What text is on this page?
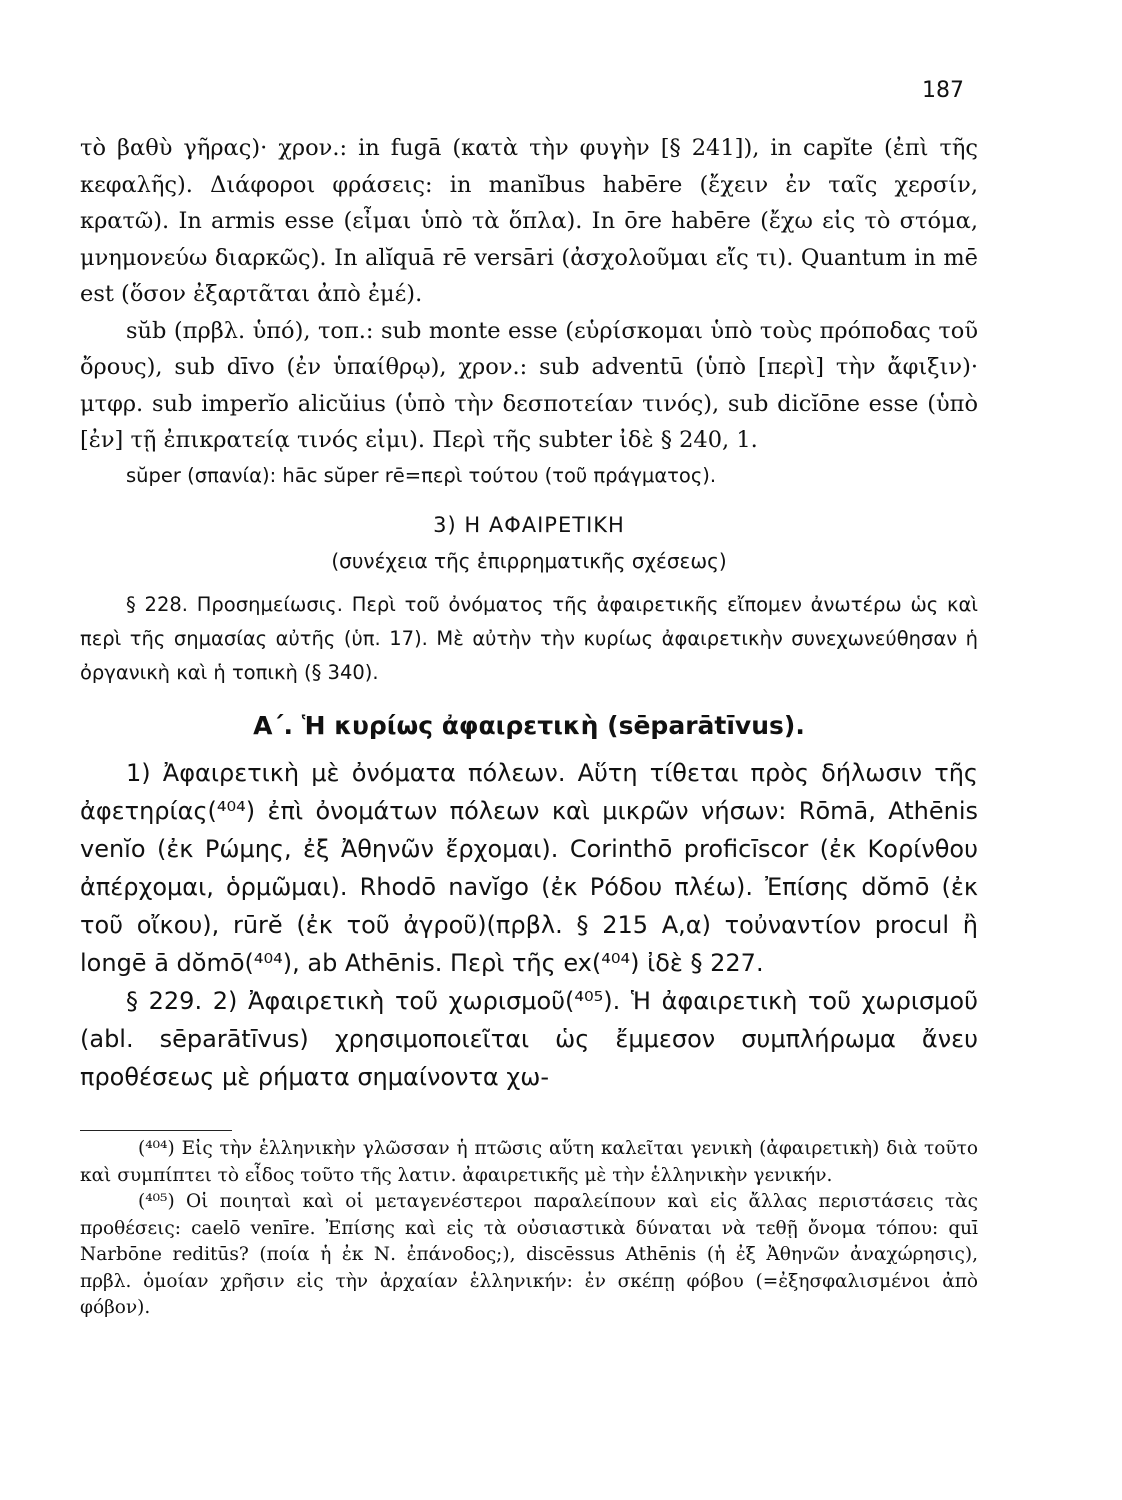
187

τὸ βαθὺ γῆρας)· χρον.: in fugā (κατὰ τὴν φυγὴν [§ 241]), in capĭte (ἐπὶ τῆς κεφαλῆς). Διάφοροι φράσεις: in manĭbus habēre (ἔχειν ἐν ταῖς χερσίν, κρατῶ). In armis esse (εἶμαι ὑπὸ τὰ ὅπλα). In ōre habēre (ἔχω εἰς τὸ στόμα, μνημονεύω διαρκῶς). In alĭquā rē versāri (ἀσχολοῦμαι εἴς τι). Quantum in mē est (ὅσον ἐξαρτᾶται ἀπὸ ἐμέ).

sŭb (πρβλ. ὑπό), τοπ.: sub monte esse (εὑρίσκομαι ὑπὸ τοὺς πρόποδας τοῦ ὄρους), sub dīvo (ἐν ὑπαίθρῳ), χρον.: sub adventū (ὑπὸ [περὶ] τὴν ἄφιξιν)· μτφρ. sub imperĭo alicŭius (ὑπὸ τὴν δεσποτείαν τινός), sub dicĭōne esse (ὑπὸ [ἐν] τῇ ἐπικρατείᾳ τινός εἰμι). Περὶ τῆς subter ἰδὲ § 240, 1.

sŭper (σπανία): hāc sŭper rē=περὶ τούτου (τοῦ πράγματος).

3) Η ΑΦΑΙΡΕΤΙΚΗ

(συνέχεια τῆς ἐπιρρηματικῆς σχέσεως)

§ 228. Προσημείωσις. Περὶ τοῦ ὀνόματος τῆς ἀφαιρετικῆς εἴπομεν ἀνωτέρω ὡς καὶ περὶ τῆς σημασίας αὐτῆς (ὑπ. 17). Μὲ αὐτὴν τὴν κυρίως ἀφαιρετικὴν συνεχωνεύθησαν ἡ ὀργανικὴ καὶ ἡ τοπικὴ (§ 340).

Α΄. Ἡ κυρίως ἀφαιρετικὴ (sēparātīvus).

1) Ἀφαιρετικὴ μὲ ὀνόματα πόλεων. Αὕτη τίθεται πρὸς δήλωσιν τῆς ἀφετηρίας(⁴⁰⁴) ἐπὶ ὀνομάτων πόλεων καὶ μικρῶν νήσων: Rōmā, Athēnis venĭo (ἐκ Ρώμης, ἐξ Ἀθηνῶν ἔρχομαι). Corinthō proficīscor (ἐκ Κορίνθου ἀπέρχομαι, ὁρμῶμαι). Rhodō navĭgo (ἐκ Ρόδου πλέω). Ἐπίσης dŏmō (ἐκ τοῦ οἴκου), rūrĕ (ἐκ τοῦ ἀγροῦ)(πρβλ. § 215 Α,α) τοὐναντίον procul ἢ longē ā dŏmō(⁴⁰⁴), ab Athēnis. Περὶ τῆς ex(⁴⁰⁴) ἰδὲ § 227.

§ 229. 2) Ἀφαιρετικὴ τοῦ χωρισμοῦ(⁴⁰⁵). Ἡ ἀφαιρετικὴ τοῦ χωρισμοῦ (abl. sēparātīvus) χρησιμοποιεῖται ὡς ἔμμεσον συμπλήρωμα ἄνευ προθέσεως μὲ ρήματα σημαίνοντα χω-

(⁴⁰⁴) Εἰς τὴν ἑλληνικὴν γλῶσσαν ἡ πτῶσις αὕτη καλεῖται γενικὴ (ἀφαιρετικὴ) διὰ τοῦτο καὶ συμπίπτει τὸ εἶδος τοῦτο τῆς λατιν. ἀφαιρετικῆς μὲ τὴν ἑλληνικὴν γενικήν.

(⁴⁰⁵) Οἱ ποιηταὶ καὶ οἱ μεταγενέστεροι παραλείπουν καὶ εἰς ἄλλας περιστάσεις τὰς προθέσεις: caelō venīre. Ἐπίσης καὶ εἰς τὰ οὐσιαστικὰ δύναται νὰ τεθῇ ὄνομα τόπου: quī Narbōne reditūs? (ποία ἡ ἐκ Ν. ἐπάνοδος;), discēssus Athēnis (ἡ ἐξ Ἀθηνῶν ἀναχώρησις), πρβλ. ὁμοίαν χρῆσιν εἰς τὴν ἀρχαίαν ἑλληνικήν: ἐν σκέπῃ φόβου (=ἐξησφαλισμένοι ἀπὸ φόβον).
